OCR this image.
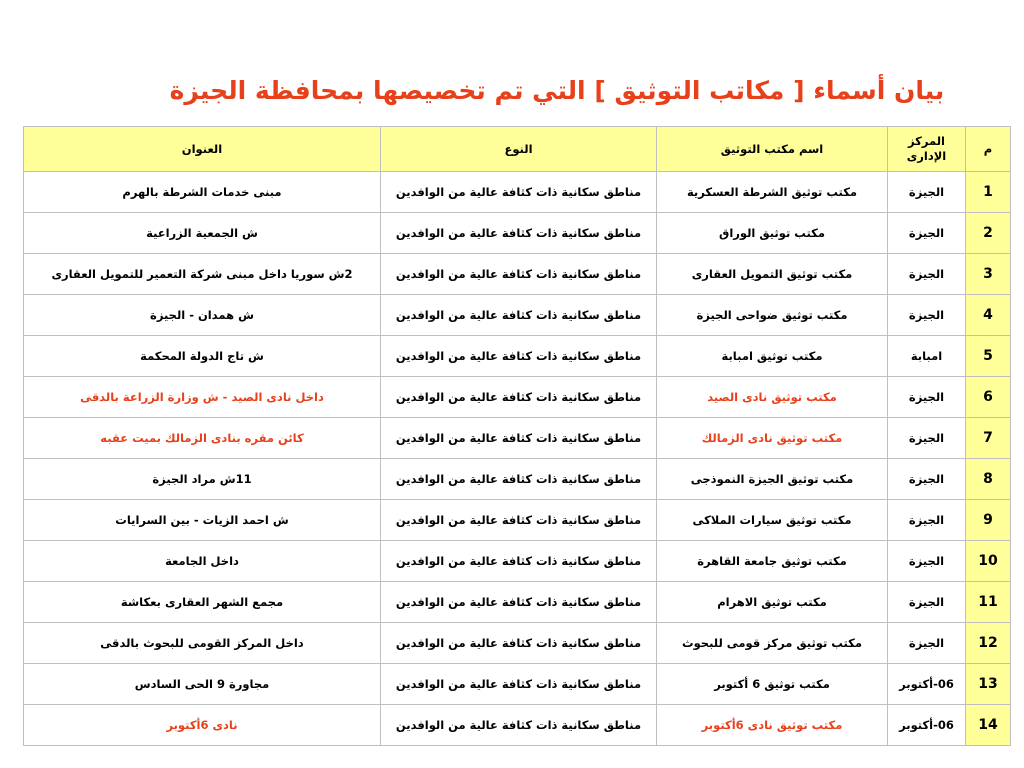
بيان أسماء [ مكاتب التوثيق ] التي تم تخصيصها بمحافظة الجيزة
م	المركز الإدارى	اسم مكتب التوثيق	النوع	العنوان
1	الجيزة	مكتب توثيق الشرطة العسكرية	مناطق سكانية ذات كثافة عالية من الوافدين	مبنى خدمات الشرطة بالهرم
2	الجيزة	مكتب توثيق الوراق	مناطق سكانية ذات كثافة عالية من الوافدين	ش الجمعية الزراعية
3	الجيزة	مكتب توثيق التمويل العقارى	مناطق سكانية ذات كثافة عالية من الوافدين	2ش سوريا داخل مبنى شركة التعمير للتمويل العقارى
4	الجيزة	مكتب توثيق ضواحى الجيزة	مناطق سكانية ذات كثافة عالية من الوافدين	ش همدان - الجيزة
5	امبابة	مكتب توثيق امبابة	مناطق سكانية ذات كثافة عالية من الوافدين	ش تاج الدولة المحكمة
6	الجيزة	مكتب توثيق نادى الصيد	مناطق سكانية ذات كثافة عالية من الوافدين	داخل نادى الصيد - ش وزارة الزراعة بالدقى
7	الجيزة	مكتب توثيق نادى الزمالك	مناطق سكانية ذات كثافة عالية من الوافدين	كائن مقره بنادى الزمالك بميت عقبه
8	الجيزة	مكتب توثيق الجيزة النموذجى	مناطق سكانية ذات كثافة عالية من الوافدين	11ش مراد الجيزة
9	الجيزة	مكتب توثيق سيارات الملاكى	مناطق سكانية ذات كثافة عالية من الوافدين	ش احمد الزيات - بين السرايات
10	الجيزة	مكتب توثيق جامعة القاهرة	مناطق سكانية ذات كثافة عالية من الوافدين	داخل الجامعة
11	الجيزة	مكتب توثيق الاهرام	مناطق سكانية ذات كثافة عالية من الوافدين	مجمع الشهر العقارى بعكاشة
12	الجيزة	مكتب توثيق مركز قومى للبحوث	مناطق سكانية ذات كثافة عالية من الوافدين	داخل المركز القومى للبحوث بالدقى
13	06-أكتوبر	مكتب توثيق 6 أكتوبر	مناطق سكانية ذات كثافة عالية من الوافدين	مجاورة 9 الحى السادس
14	06-أكتوبر	مكتب توثيق نادى 6أكتوبر	مناطق سكانية ذات كثافة عالية من الوافدين	نادى 6أكتوبر
